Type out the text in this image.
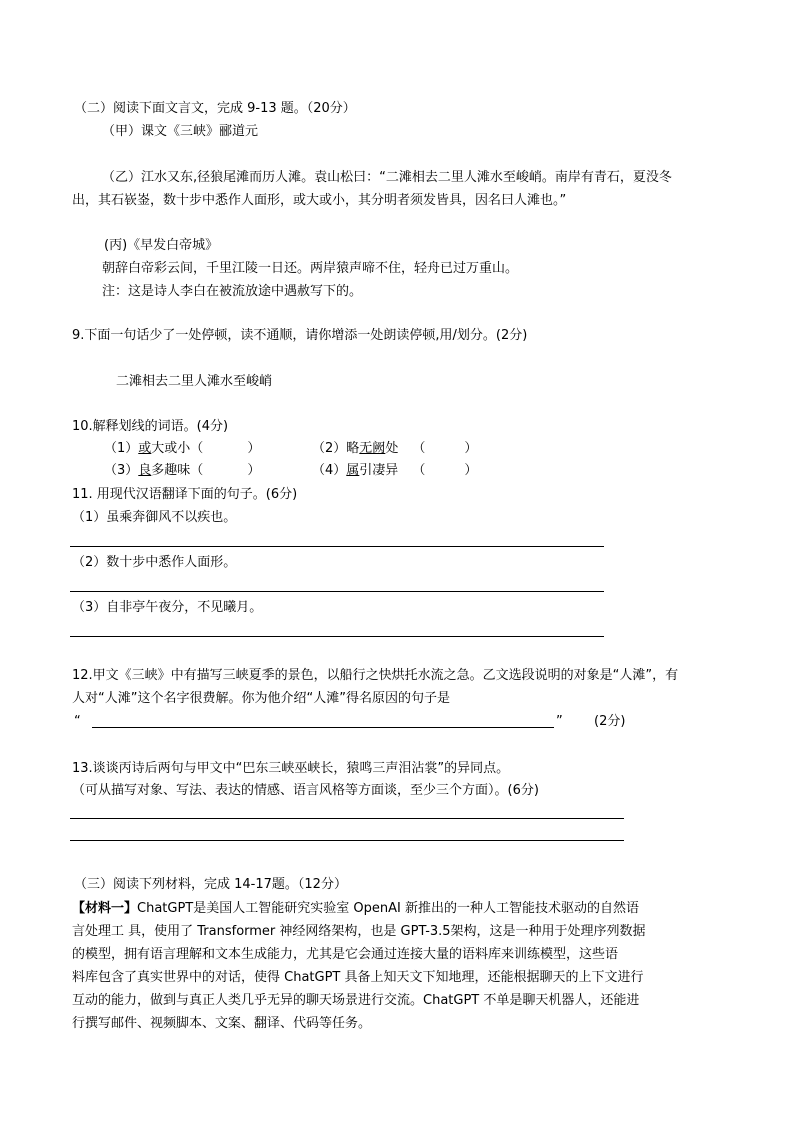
（二）阅读下面文言文，完成 9-13 题。（20分）
（甲）课文《三峡》郦道元
（乙）江水又东,径狼尾滩而历人滩。袁山松曰：“二滩相去二里人滩水至峻峭。南岸有青石，夏没冬
出，其石嵚崟，数十步中悉作人面形，或大或小，其分明者须发皆具，因名曰人滩也。”
(丙)《早发白帝城》
朝辞白帝彩云间，千里江陵一日还。两岸猿声啼不住，轻舟已过万重山。
注：这是诗人李白在被流放途中遇赦写下的。
9.下面一句话少了一处停顿，读不通顺，请你增添一处朗读停顿,用/划分。(2分)
二滩相去二里人滩水至峻峭
10.解释划线的词语。(4分)
（1）或大或小（	）	（2）略无阙处 （　　　）
（3）良多趣味（	）	（4）属引凄异 （　　　）
11. 用现代汉语翻译下面的句子。(6分)
（1）虽乘奔御风不以疾也。
（2）数十步中悉作人面形。
（3）自非亭午夜分，不见曦月。
12.甲文《三峡》中有描写三峡夏季的景色，以船行之快烘托水流之急。乙文选段说明的对象是“人滩”，有
人对“人滩”这个名字很费解。你为他介绍“人滩”得名原因的句子是
“	” (2分)
13.谈谈丙诗后两句与甲文中“巴东三峡巫峡长，猿鸣三声泪沾裳”的异同点。
（可从描写对象、写法、表达的情感、语言风格等方面谈，至少三个方面）。(6分)
（三）阅读下列材料，完成 14-17题。（12分）
【材料一】ChatGPT是美国人工智能研究实验室 OpenAI 新推出的一种人工智能技术驱动的自然语
言处理工 具，使用了 Transformer 神经网络架构，也是 GPT-3.5架构，这是一种用于处理序列数据
的模型，拥有语言理解和文本生成能力，尤其是它会通过连接大量的语料库来训练模型，这些语
料库包含了真实世界中的对话，使得 ChatGPT 具备上知天文下知地理，还能根据聊天的上下文进行
互动的能力，做到与真正人类几乎无异的聊天场景进行交流。ChatGPT 不单是聊天机器人，还能进
行撰写邮件、视频脚本、文案、翻译、代码等任务。
